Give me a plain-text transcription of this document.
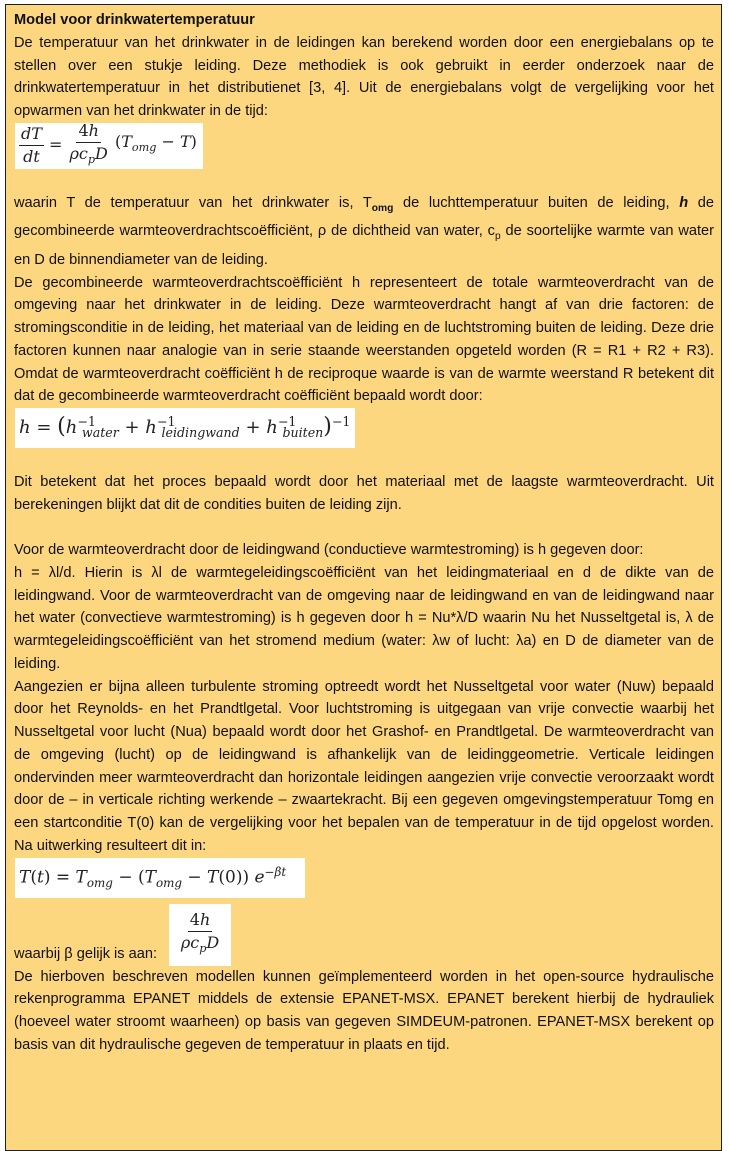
Model voor drinkwatertemperatuur

De temperatuur van het drinkwater in de leidingen kan berekend worden door een energiebalans op te stellen over een stukje leiding. Deze methodiek is ook gebruikt in eerder onderzoek naar de drinkwatertemperatuur in het distributienet [3, 4]. Uit de energiebalans volgt de vergelijking voor het opwarmen van het drinkwater in de tijd:

$\frac{dT}{dt} = \frac{4h}{\rho c_pD} (T_{omg} - T)$

waarin T de temperatuur van het drinkwater is, $T_{omg}$ de luchttemperatuur buiten de leiding, h de gecombineerde warmteoverdrachtscoëfficiënt, ρ de dichtheid van water, $c_p$ de soortelijke warmte van water en D de binnendiameter van de leiding.

De gecombineerde warmteoverdrachtscoëfficiënt h representeert de totale warmteoverdracht van de omgeving naar het drinkwater in de leiding. Deze warmteoverdracht hangt af van drie factoren: de stromingsconditie in de leiding, het materiaal van de leiding en de luchtstroming buiten de leiding. Deze drie factoren kunnen naar analogie van in serie staande weerstanden opgeteld worden (R = R1 + R2 + R3). Omdat de warmteoverdracht coëfficiënt h de reciproque waarde is van de warmte weerstand R betekent dit dat de gecombineerde warmteoverdracht coëfficiënt bepaald wordt door:

$h = (h^{-1}_{water} + h^{-1}_{leidingwand} + h^{-1}_{buiten})^{-1}$

Dit betekent dat het proces bepaald wordt door het materiaal met de laagste warmteoverdracht. Uit berekeningen blijkt dat dit de condities buiten de leiding zijn.

Voor de warmteoverdracht door de leidingwand (conductieve warmtestroming) is h gegeven door:

h = λl/d. Hierin is λl de warmtegeleidingscoëfficiënt van het leidingmateriaal en d de dikte van de leidingwand. Voor de warmteoverdracht van de omgeving naar de leidingwand en van de leidingwand naar het water (convectieve warmtestroming) is h gegeven door h = Nu*λ/D waarin Nu het Nusseltgetal is, λ de warmtegeleidingscoëfficiënt van het stromend medium (water: λw of lucht: λa) en D de diameter van de leiding.

Aangezien er bijna alleen turbulente stroming optreedt wordt het Nusseltgetal voor water (Nuw) bepaald door het Reynolds- en het Prandtlgetal. Voor luchtstroming is uitgegaan van vrije convectie waarbij het Nusseltgetal voor lucht (Nua) bepaald wordt door het Grashof- en Prandtlgetal. De warmteoverdracht van de omgeving (lucht) op de leidingwand is afhankelijk van de leidinggeometrie. Verticale leidingen ondervinden meer warmteoverdracht dan horizontale leidingen aangezien vrije convectie veroorzaakt wordt door de – in verticale richting werkende – zwaartekracht. Bij een gegeven omgevingstemperatuur Tomg en een startconditie T(0) kan de vergelijking voor het bepalen van de temperatuur in de tijd opgelost worden. Na uitwerking resulteert dit in:

$T(t) = T_{omg} - (T_{omg} - T(0))$ $e^{-\beta t}$

waarbij β gelijk is aan: $\frac{4h}{\rho c_pD}$

De hierboven beschreven modellen kunnen geïmplementeerd worden in het open-source hydraulische rekenprogramma EPANET middels de extensie EPANET-MSX. EPANET berekent hierbij de hydrauliek (hoeveel water stroomt waarheen) op basis van gegeven SIMDEUM-patronen. EPANET-MSX berekent op basis van dit hydraulische gegeven de temperatuur in plaats en tijd.
